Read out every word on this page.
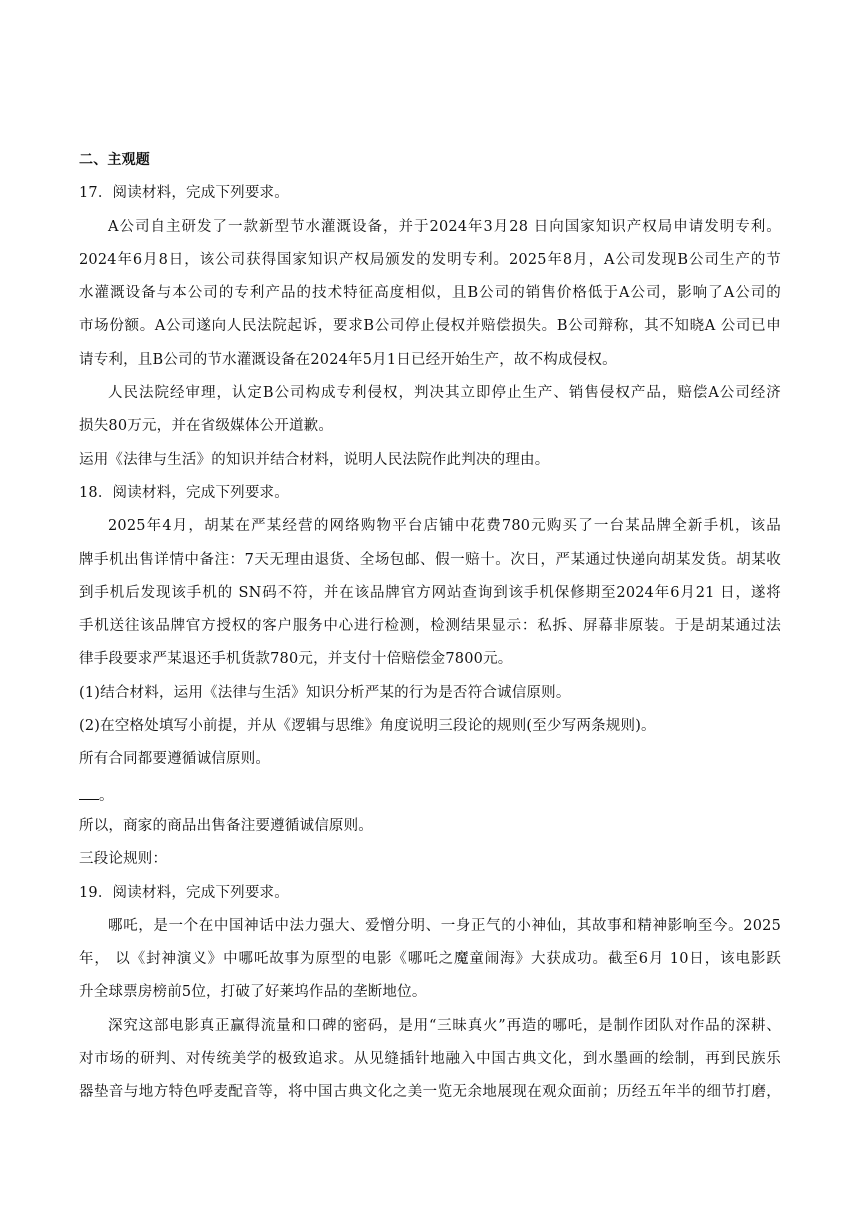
二、主观题
17．阅读材料，完成下列要求。
A公司自主研发了一款新型节水灌溉设备，并于2024年3月28 日向国家知识产权局申请发明专利。
2024年6月8日，该公司获得国家知识产权局颁发的发明专利。2025年8月，A公司发现B公司生产的节
水灌溉设备与本公司的专利产品的技术特征高度相似，且B公司的销售价格低于A公司，影响了A公司的
市场份额。A公司遂向人民法院起诉，要求B公司停止侵权并赔偿损失。B公司辩称，其不知晓A 公司已申
请专利，且B公司的节水灌溉设备在2024年5月1日已经开始生产，故不构成侵权。
人民法院经审理，认定B公司构成专利侵权，判决其立即停止生产、销售侵权产品，赔偿A公司经济
损失80万元，并在省级媒体公开道歉。
运用《法律与生活》的知识并结合材料，说明人民法院作此判决的理由。
18．阅读材料，完成下列要求。
2025年4月，胡某在严某经营的网络购物平台店铺中花费780元购买了一台某品牌全新手机，该品
牌手机出售详情中备注：7天无理由退货、全场包邮、假一赔十。次日，严某通过快递向胡某发货。胡某收
到手机后发现该手机的 SN码不符，并在该品牌官方网站查询到该手机保修期至2024年6月21 日，遂将
手机送往该品牌官方授权的客户服务中心进行检测，检测结果显示：私拆、屏幕非原装。于是胡某通过法
律手段要求严某退还手机货款780元，并支付十倍赔偿金7800元。
(1)结合材料，运用《法律与生活》知识分析严某的行为是否符合诚信原则。
(2)在空格处填写小前提，并从《逻辑与思维》角度说明三段论的规则(至少写两条规则)。
所有合同都要遵循诚信原则。
。
所以，商家的商品出售备注要遵循诚信原则。
三段论规则：
19．阅读材料，完成下列要求。
哪吒，是一个在中国神话中法力强大、爱憎分明、一身正气的小神仙，其故事和精神影响至今。2025
年， 以《封神演义》中哪吒故事为原型的电影《哪吒之魔童闹海》大获成功。截至6月 10日，该电影跃
升全球票房榜前5位，打破了好莱坞作品的垄断地位。
深究这部电影真正赢得流量和口碑的密码，是用“三昧真火”再造的哪吒，是制作团队对作品的深耕、
对市场的研判、对传统美学的极致追求。从见缝插针地融入中国古典文化，到水墨画的绘制，再到民族乐
器垫音与地方特色呼麦配音等，将中国古典文化之美一览无余地展现在观众面前；历经五年半的细节打磨，
